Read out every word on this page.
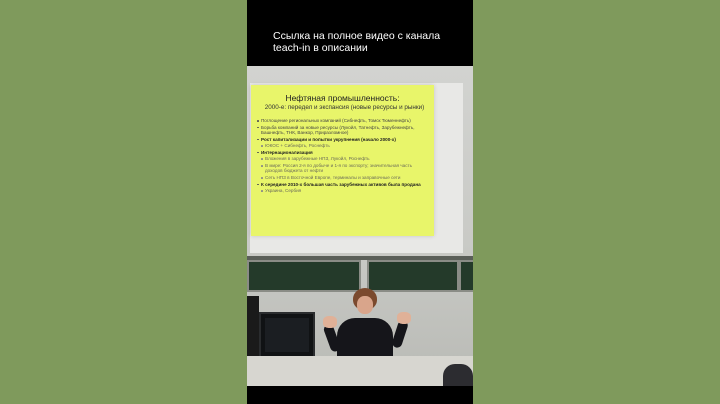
Ссылка на полное видео с канала
teach-in в описании
Нефтяная промышленность:
2000-е: передел и экспансия (новые ресурсы и рынки)
Поглощение региональных компаний (Сибнефть, Томск Тюменнефть)
Борьба компаний за новые ресурсы (Лукойл, Татнефть, Зарубежнефть, Башнефть, ТНК, Ванкор, Приразломное)
Рост капитализации и попытки укрупнения (начало 2000-х)
ЮКОС + Сибнефть, Роснефть
Интернационализация
Вложения в зарубежные НПЗ, Лукойл, Роснефть
В мире: Россия 2-я по добыче и 1-я по экспорту; значительная часть доходов бюджета от нефти
Сеть НПЗ в Восточной Европе, терминалы и заправочные сети
К середине 2010-х большая часть зарубежных активов была продана
Украина, Сербия
